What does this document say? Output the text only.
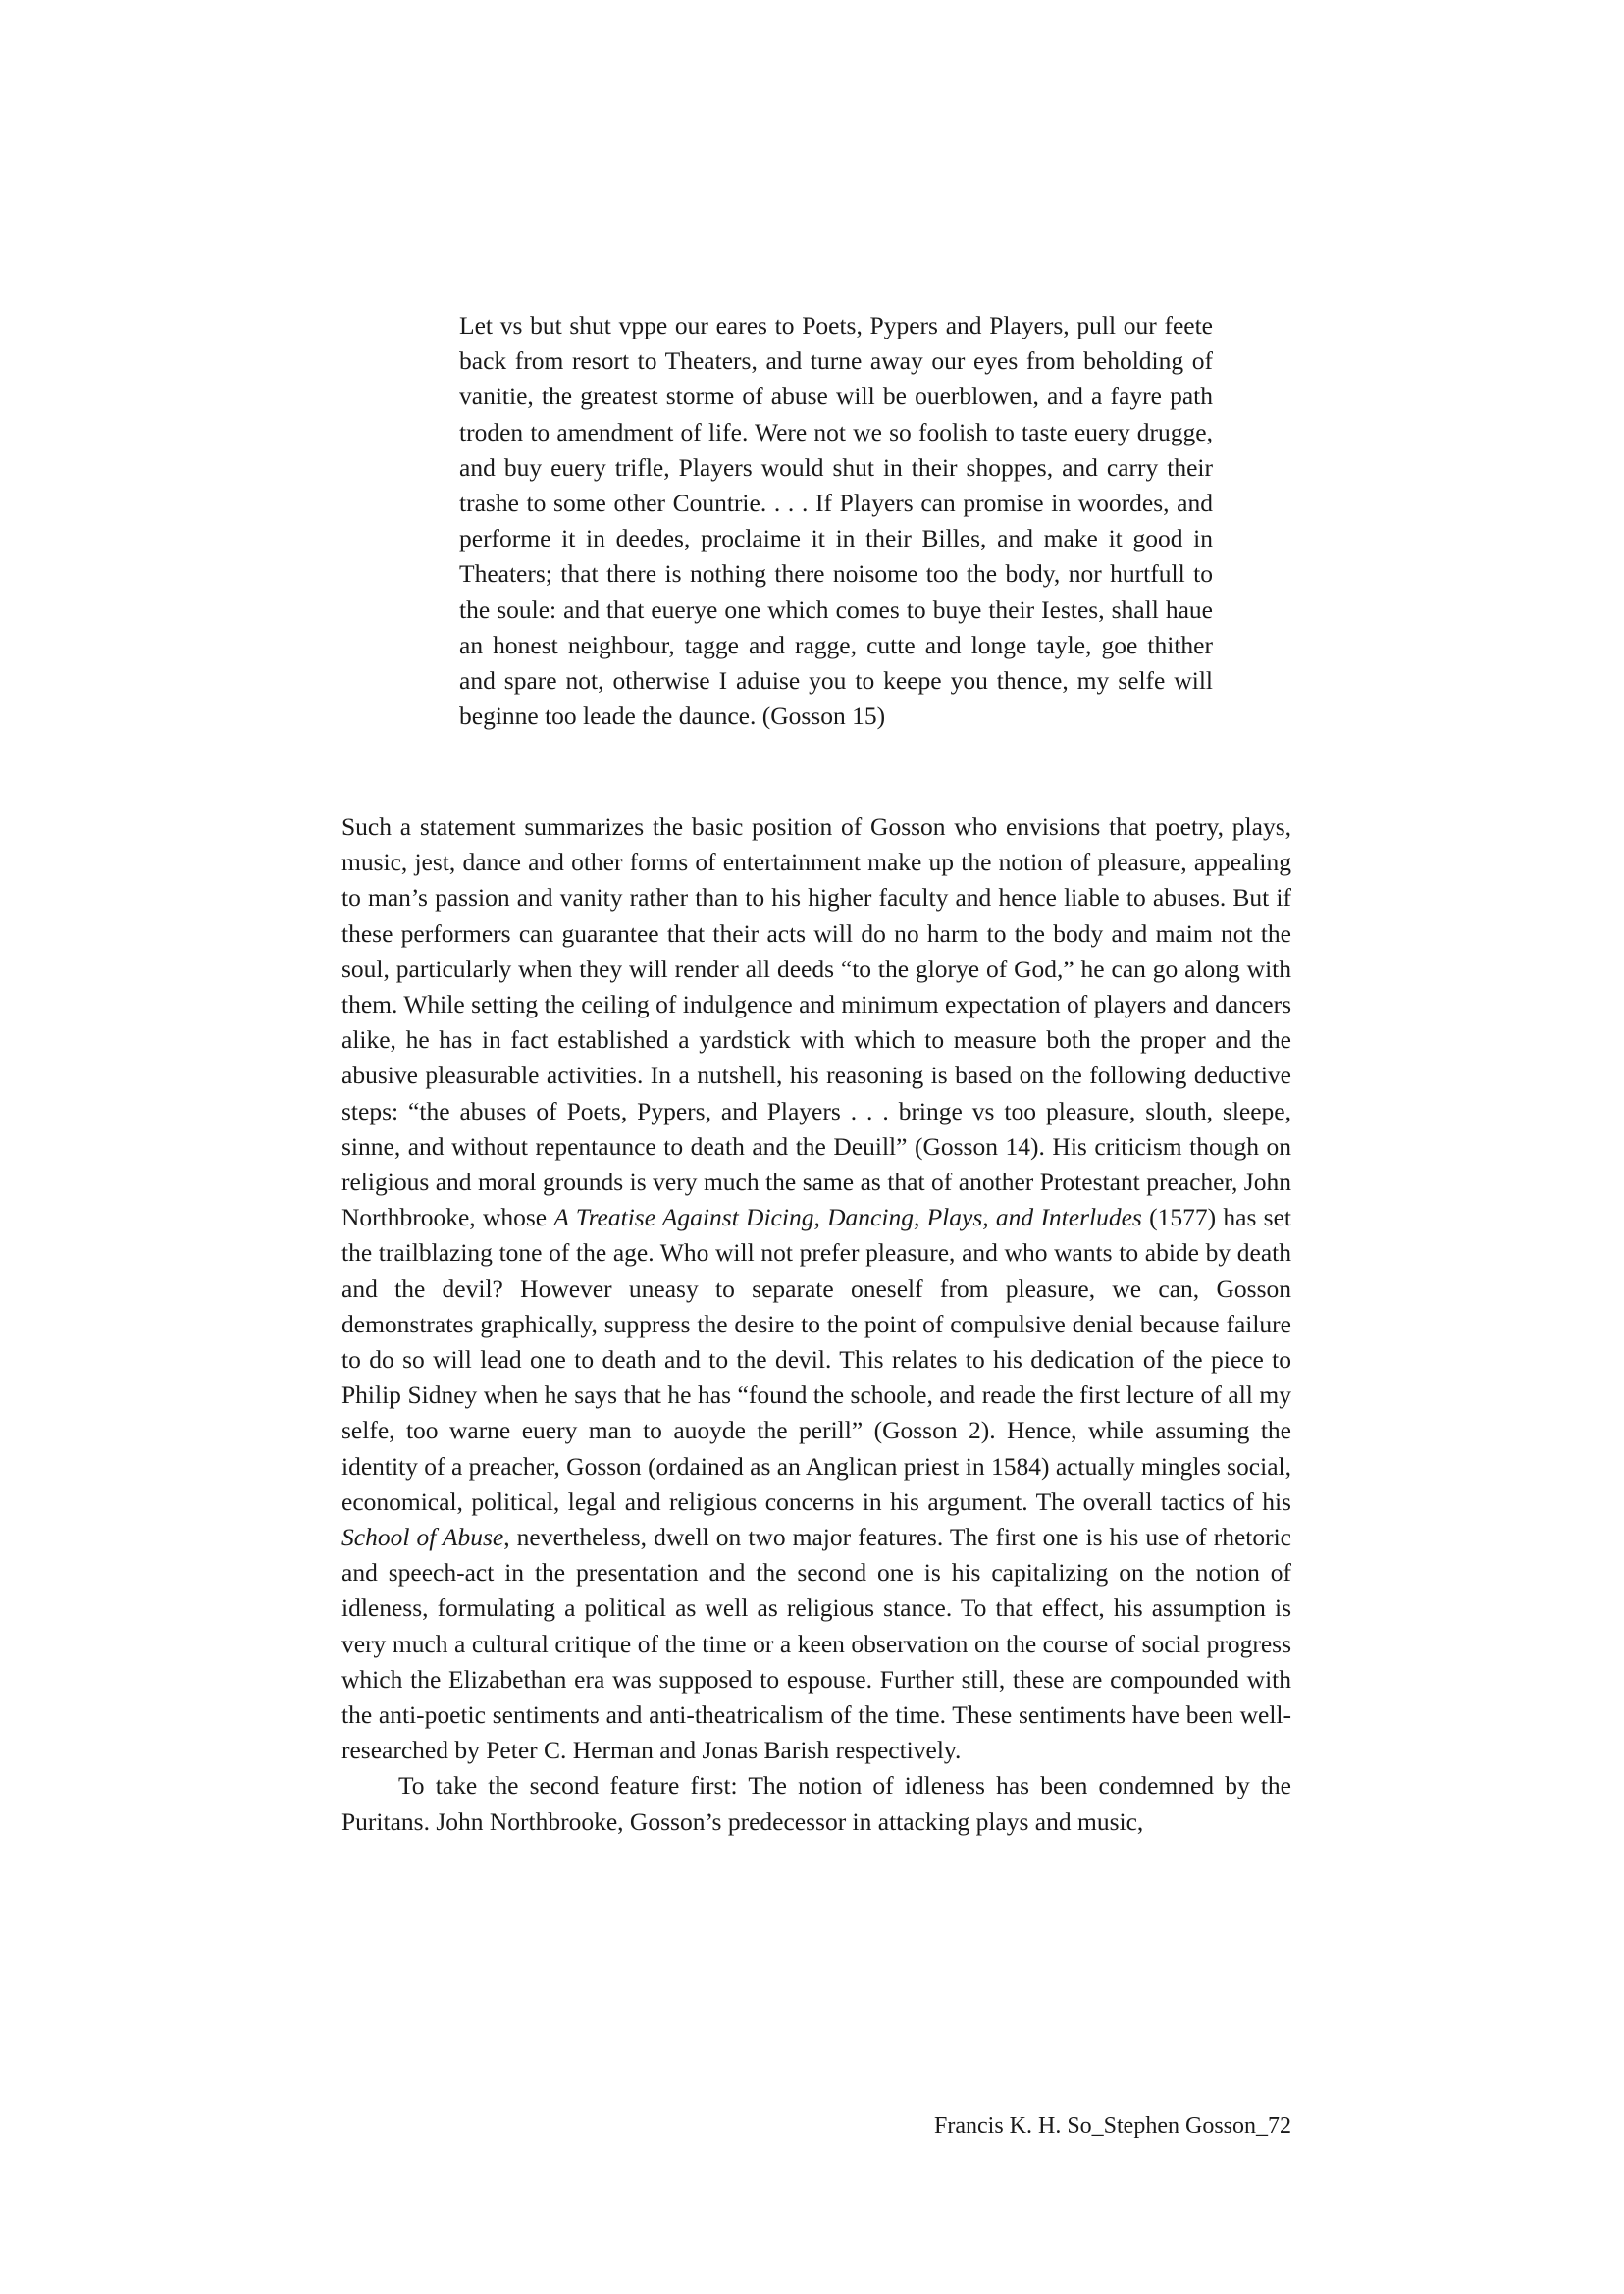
Let vs but shut vppe our eares to Poets, Pypers and Players, pull our feete back from resort to Theaters, and turne away our eyes from beholding of vanitie, the greatest storme of abuse will be ouerblowen, and a fayre path troden to amendment of life. Were not we so foolish to taste euery drugge, and buy euery trifle, Players would shut in their shoppes, and carry their trashe to some other Countrie. . . . If Players can promise in woordes, and performe it in deedes, proclaime it in their Billes, and make it good in Theaters; that there is nothing there noisome too the body, nor hurtfull to the soule: and that euerye one which comes to buye their Iestes, shall haue an honest neighbour, tagge and ragge, cutte and longe tayle, goe thither and spare not, otherwise I aduise you to keepe you thence, my selfe will beginne too leade the daunce. (Gosson 15)

Such a statement summarizes the basic position of Gosson who envisions that poetry, plays, music, jest, dance and other forms of entertainment make up the notion of pleasure, appealing to man’s passion and vanity rather than to his higher faculty and hence liable to abuses. But if these performers can guarantee that their acts will do no harm to the body and maim not the soul, particularly when they will render all deeds “to the glorye of God,” he can go along with them. While setting the ceiling of indulgence and minimum expectation of players and dancers alike, he has in fact established a yardstick with which to measure both the proper and the abusive pleasurable activities. In a nutshell, his reasoning is based on the following deductive steps: “the abuses of Poets, Pypers, and Players . . . bringe vs too pleasure, slouth, sleepe, sinne, and without repentaunce to death and the Deuill” (Gosson 14). His criticism though on religious and moral grounds is very much the same as that of another Protestant preacher, John Northbrooke, whose A Treatise Against Dicing, Dancing, Plays, and Interludes (1577) has set the trailblazing tone of the age. Who will not prefer pleasure, and who wants to abide by death and the devil? However uneasy to separate oneself from pleasure, we can, Gosson demonstrates graphically, suppress the desire to the point of compulsive denial because failure to do so will lead one to death and to the devil. This relates to his dedication of the piece to Philip Sidney when he says that he has “found the schoole, and reade the first lecture of all my selfe, too warne euery man to auoyde the perill” (Gosson 2). Hence, while assuming the identity of a preacher, Gosson (ordained as an Anglican priest in 1584) actually mingles social, economical, political, legal and religious concerns in his argument. The overall tactics of his School of Abuse, nevertheless, dwell on two major features. The first one is his use of rhetoric and speech-act in the presentation and the second one is his capitalizing on the notion of idleness, formulating a political as well as religious stance. To that effect, his assumption is very much a cultural critique of the time or a keen observation on the course of social progress which the Elizabethan era was supposed to espouse. Further still, these are compounded with the anti-poetic sentiments and anti-theatricalism of the time. These sentiments have been well-researched by Peter C. Herman and Jonas Barish respectively.

To take the second feature first: The notion of idleness has been condemned by the Puritans. John Northbrooke, Gosson’s predecessor in attacking plays and music,

Francis K. H. So_Stephen Gosson_72
